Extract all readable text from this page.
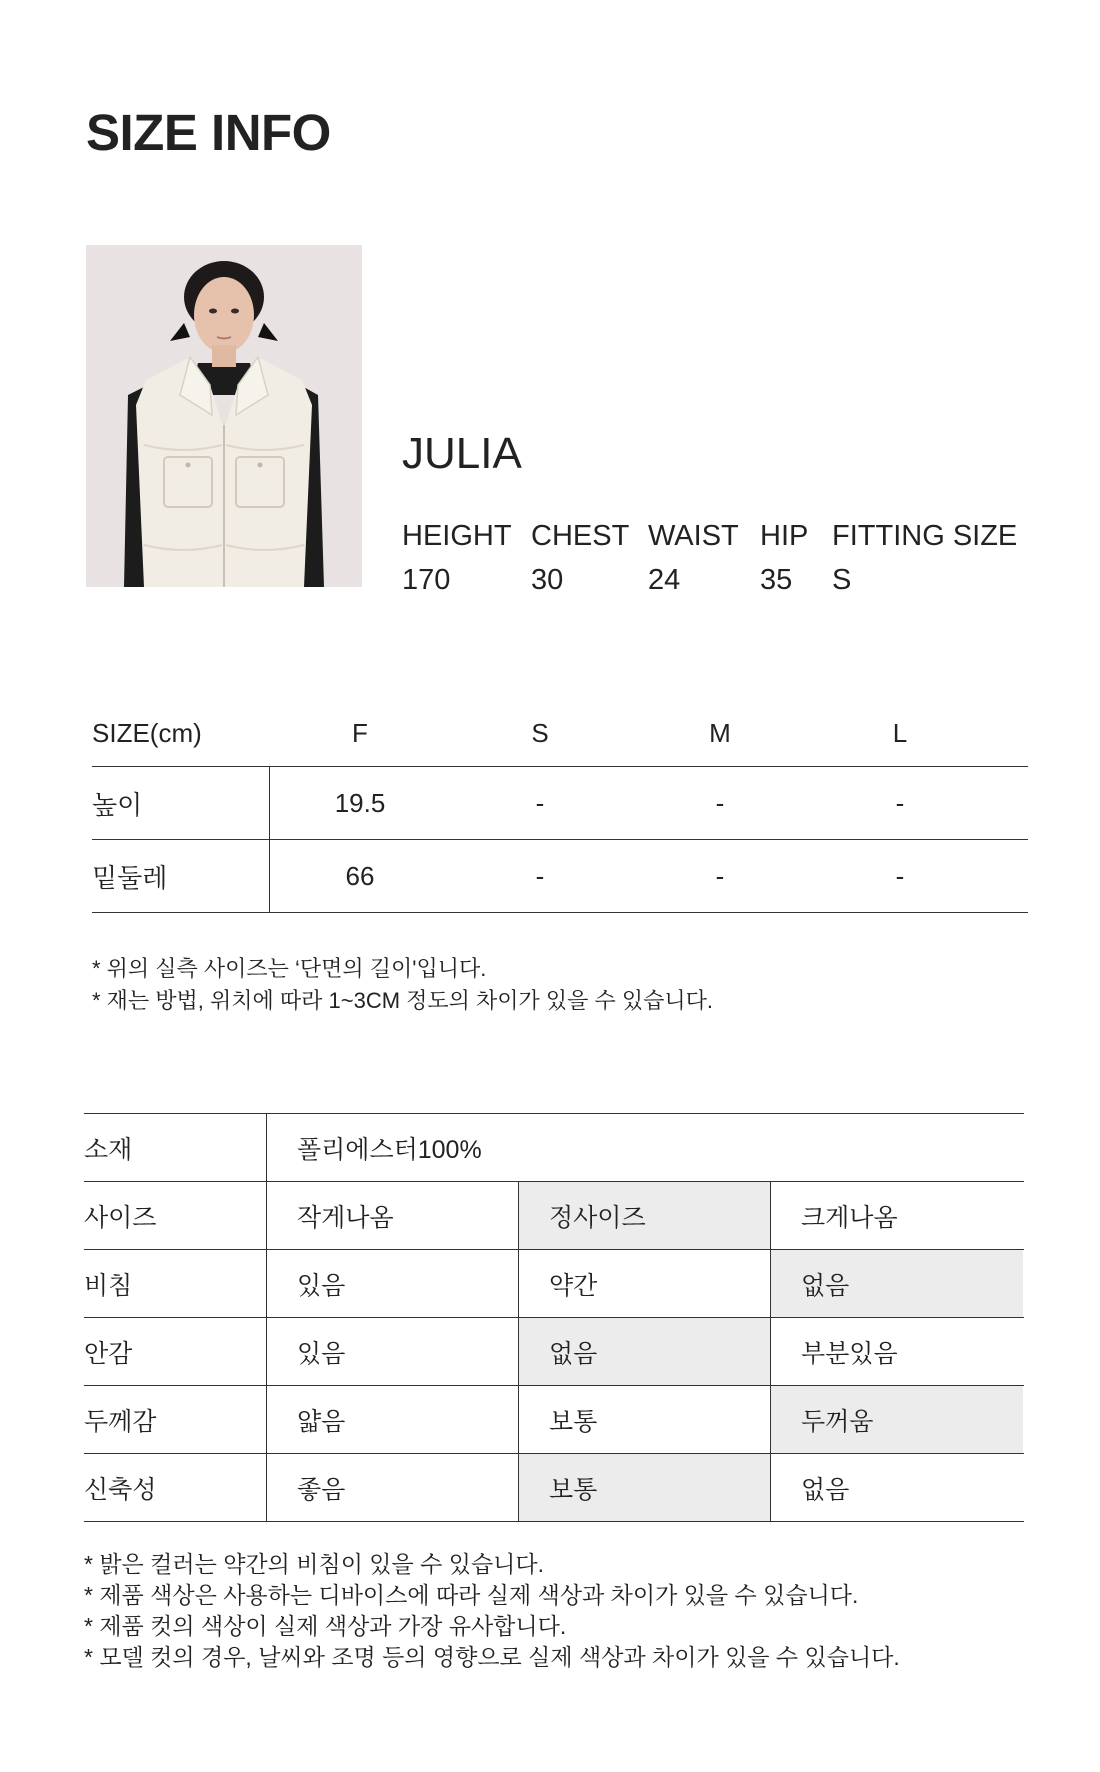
SIZE INFO
JULIA
HEIGHT CHEST WAIST HIP FITTING SIZE
170	30	24	35	S
SIZE(cm)	F	S	M	L
높이	19.5	-	-	-
밑둘레	66	-	-	-
* 위의 실측 사이즈는 ‘단면의 길이'입니다.
* 재는 방법, 위치에 따라 1~3CM 정도의 차이가 있을 수 있습니다.
소재	폴리에스터100%
사이즈	작게나옴	정사이즈	크게나옴
비침	있음	약간	없음
안감	있음	없음	부분있음
두께감	얇음	보통	두꺼움
신축성	좋음	보통	없음
* 밝은 컬러는 약간의 비침이 있을 수 있습니다.
* 제품 색상은 사용하는 디바이스에 따라 실제 색상과 차이가 있을 수 있습니다.
* 제품 컷의 색상이 실제 색상과 가장 유사합니다.
* 모델 컷의 경우, 날씨와 조명 등의 영향으로 실제 색상과 차이가 있을 수 있습니다.
